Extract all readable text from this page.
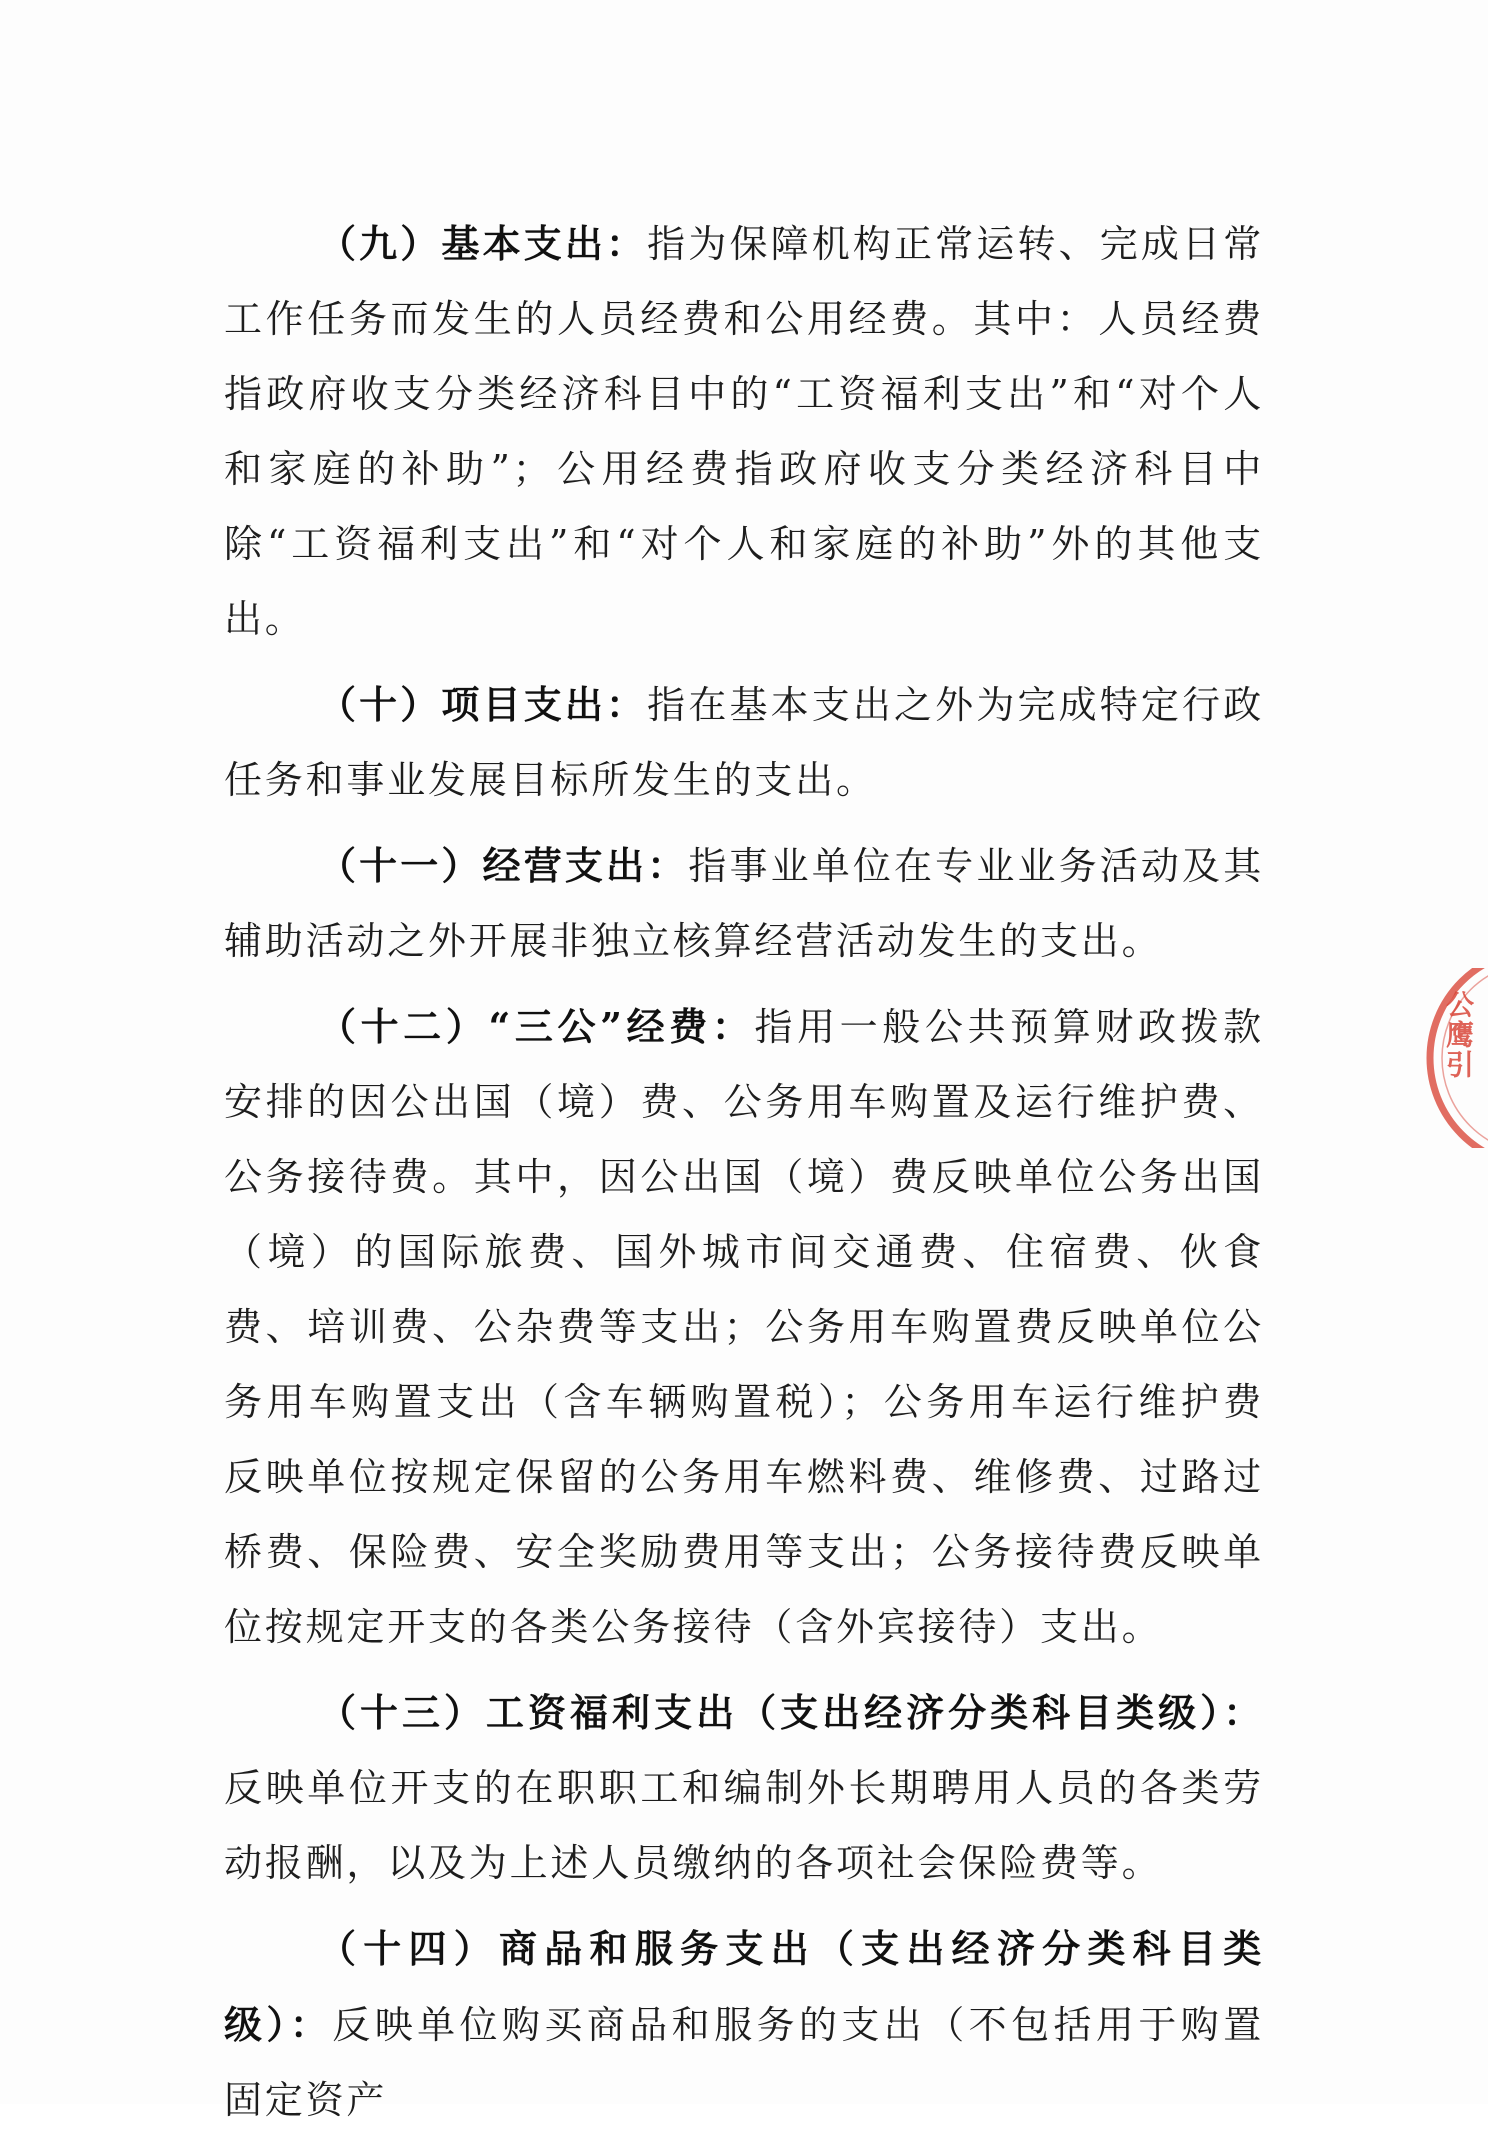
（九）基本支出：指为保障机构正常运转、完成日常工作任务而发生的人员经费和公用经费。其中：人员经费指政府收支分类经济科目中的“工资福利支出”和“对个人和家庭的补助”；公用经费指政府收支分类经济科目中除“工资福利支出”和“对个人和家庭的补助”外的其他支出。

（十）项目支出：指在基本支出之外为完成特定行政任务和事业发展目标所发生的支出。

（十一）经营支出：指事业单位在专业业务活动及其辅助活动之外开展非独立核算经营活动发生的支出。

（十二）“三公”经费：指用一般公共预算财政拨款安排的因公出国（境）费、公务用车购置及运行维护费、公务接待费。其中，因公出国（境）费反映单位公务出国（境）的国际旅费、国外城市间交通费、住宿费、伙食费、培训费、公杂费等支出；公务用车购置费反映单位公务用车购置支出（含车辆购置税）；公务用车运行维护费反映单位按规定保留的公务用车燃料费、维修费、过路过桥费、保险费、安全奖励费用等支出；公务接待费反映单位按规定开支的各类公务接待（含外宾接待）支出。

（十三）工资福利支出（支出经济分类科目类级）：反映单位开支的在职职工和编制外长期聘用人员的各类劳动报酬，以及为上述人员缴纳的各项社会保险费等。

（十四）商品和服务支出（支出经济分类科目类级）：反映单位购买商品和服务的支出（不包括用于购置固定资产

公鹰引
